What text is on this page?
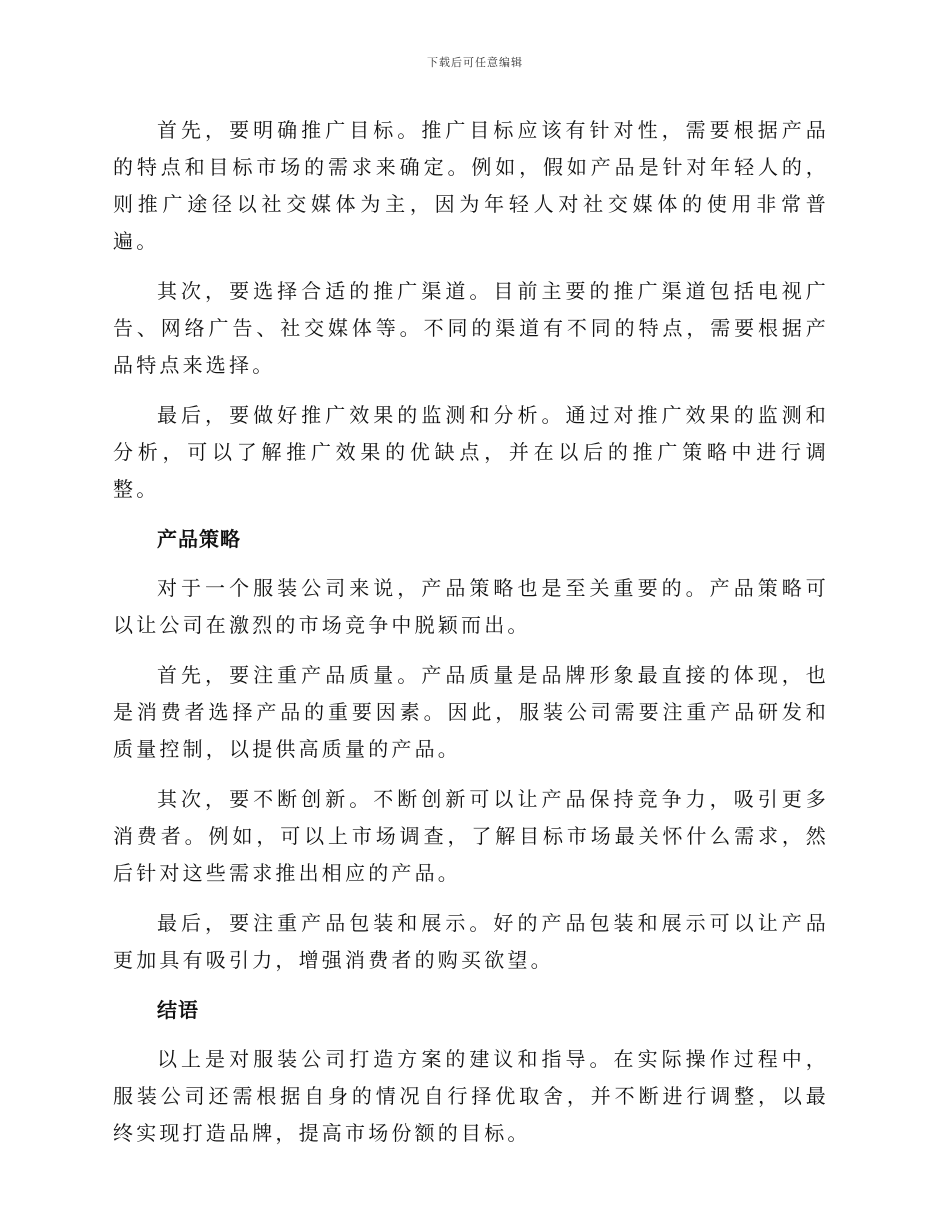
下载后可任意编辑

首先，要明确推广目标。推广目标应该有针对性，需要根据产品的特点和目标市场的需求来确定。例如，假如产品是针对年轻人的，则推广途径以社交媒体为主，因为年轻人对社交媒体的使用非常普遍。

其次，要选择合适的推广渠道。目前主要的推广渠道包括电视广告、网络广告、社交媒体等。不同的渠道有不同的特点，需要根据产品特点来选择。

最后，要做好推广效果的监测和分析。通过对推广效果的监测和分析，可以了解推广效果的优缺点，并在以后的推广策略中进行调整。

产品策略

对于一个服装公司来说，产品策略也是至关重要的。产品策略可以让公司在激烈的市场竞争中脱颖而出。

首先，要注重产品质量。产品质量是品牌形象最直接的体现，也是消费者选择产品的重要因素。因此，服装公司需要注重产品研发和质量控制，以提供高质量的产品。

其次，要不断创新。不断创新可以让产品保持竞争力，吸引更多消费者。例如，可以上市场调查，了解目标市场最关怀什么需求，然后针对这些需求推出相应的产品。

最后，要注重产品包装和展示。好的产品包装和展示可以让产品更加具有吸引力，增强消费者的购买欲望。

结语

以上是对服装公司打造方案的建议和指导。在实际操作过程中，服装公司还需根据自身的情况自行择优取舍，并不断进行调整，以最终实现打造品牌，提高市场份额的目标。
